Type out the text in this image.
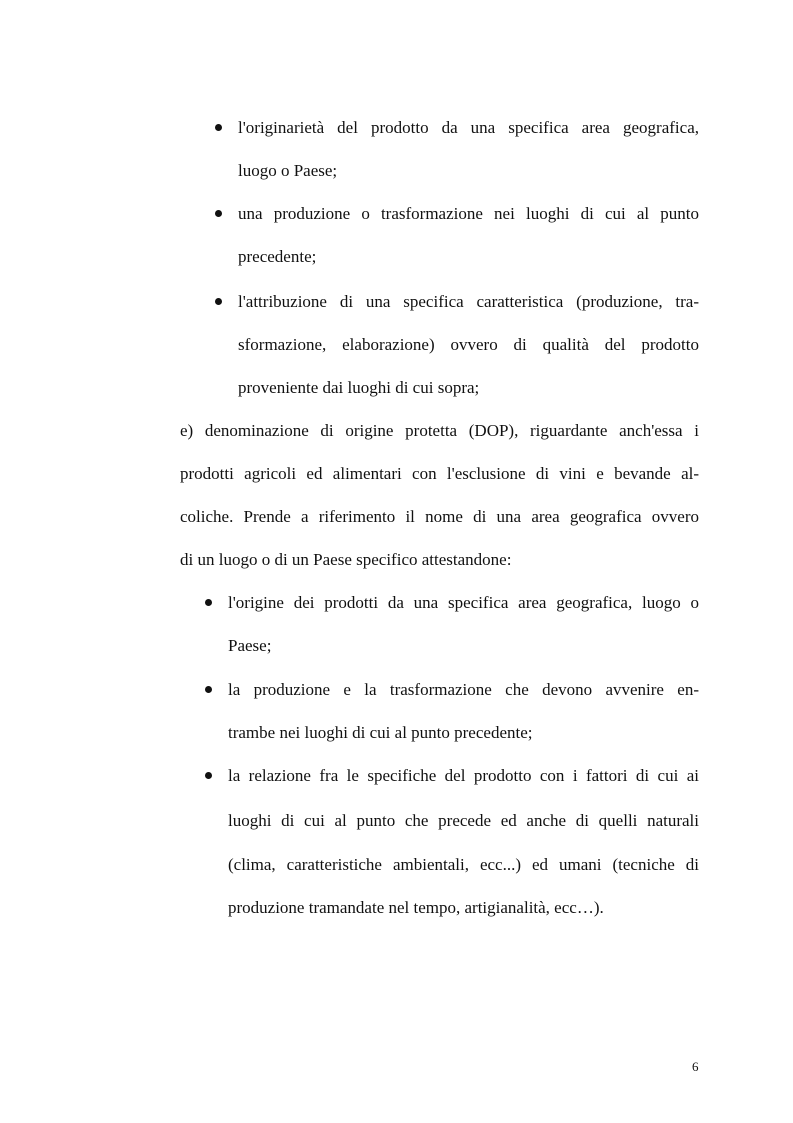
l'originarietà del prodotto da una specifica area geografica,
luogo o Paese;
una produzione o trasformazione nei luoghi di cui al punto
precedente;
l'attribuzione di una specifica caratteristica (produzione, tra-
sformazione, elaborazione) ovvero di qualità del prodotto
proveniente dai luoghi di cui sopra;
e) denominazione di origine protetta (DOP), riguardante anch'essa i
prodotti agricoli ed alimentari con l'esclusione di vini e bevande al-
coliche. Prende a riferimento il nome di una area geografica ovvero
di un luogo o di un Paese specifico attestandone:
l'origine dei prodotti da una specifica area geografica, luogo o
Paese;
la produzione e la trasformazione che devono avvenire en-
trambe nei luoghi di cui al punto precedente;
la relazione fra le specifiche del prodotto con i fattori di cui ai
luoghi di cui al punto che precede ed anche di quelli naturali
(clima, caratteristiche ambientali, ecc...) ed umani (tecniche di
produzione tramandate nel tempo, artigianalità, ecc…).
6
